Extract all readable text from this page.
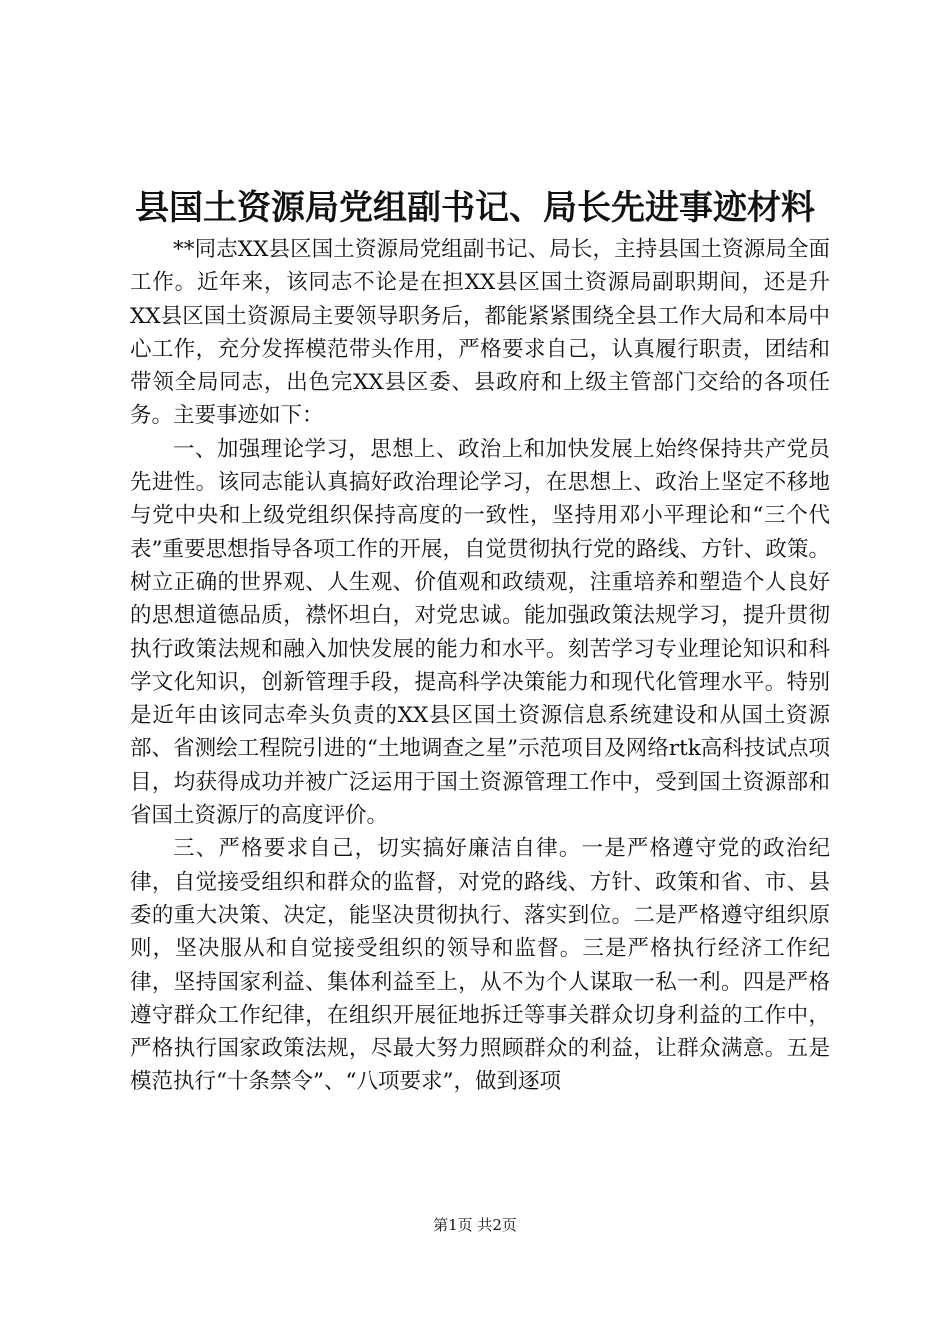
县国土资源局党组副书记、局长先进事迹材料

**同志XX县区国土资源局党组副书记、局长，主持县国土资源局全面工作。近年来，该同志不论是在担XX县区国土资源局副职期间，还是升XX县区国土资源局主要领导职务后，都能紧紧围绕全县工作大局和本局中心工作，充分发挥模范带头作用，严格要求自己，认真履行职责，团结和带领全局同志，出色完XX县区委、县政府和上级主管部门交给的各项任务。主要事迹如下：

一、加强理论学习，思想上、政治上和加快发展上始终保持共产党员先进性。该同志能认真搞好政治理论学习，在思想上、政治上坚定不移地与党中央和上级党组织保持高度的一致性，坚持用邓小平理论和“三个代表”重要思想指导各项工作的开展，自觉贯彻执行党的路线、方针、政策。树立正确的世界观、人生观、价值观和政绩观，注重培养和塑造个人良好的思想道德品质，襟怀坦白，对党忠诚。能加强政策法规学习，提升贯彻执行政策法规和融入加快发展的能力和水平。刻苦学习专业理论知识和科学文化知识，创新管理手段，提高科学决策能力和现代化管理水平。特别是近年由该同志牵头负责的XX县区国土资源信息系统建设和从国土资源部、省测绘工程院引进的“土地调查之星”示范项目及网络rtk高科技试点项目，均获得成功并被广泛运用于国土资源管理工作中，受到国土资源部和省国土资源厅的高度评价。

三、严格要求自己，切实搞好廉洁自律。一是严格遵守党的政治纪律，自觉接受组织和群众的监督，对党的路线、方针、政策和省、市、县委的重大决策、决定，能坚决贯彻执行、落实到位。二是严格遵守组织原则，坚决服从和自觉接受组织的领导和监督。三是严格执行经济工作纪律，坚持国家利益、集体利益至上，从不为个人谋取一私一利。四是严格遵守群众工作纪律，在组织开展征地拆迁等事关群众切身利益的工作中，严格执行国家政策法规，尽最大努力照顾群众的利益，让群众满意。五是模范执行“十条禁令”、“八项要求”，做到逐项

第1页 共2页
